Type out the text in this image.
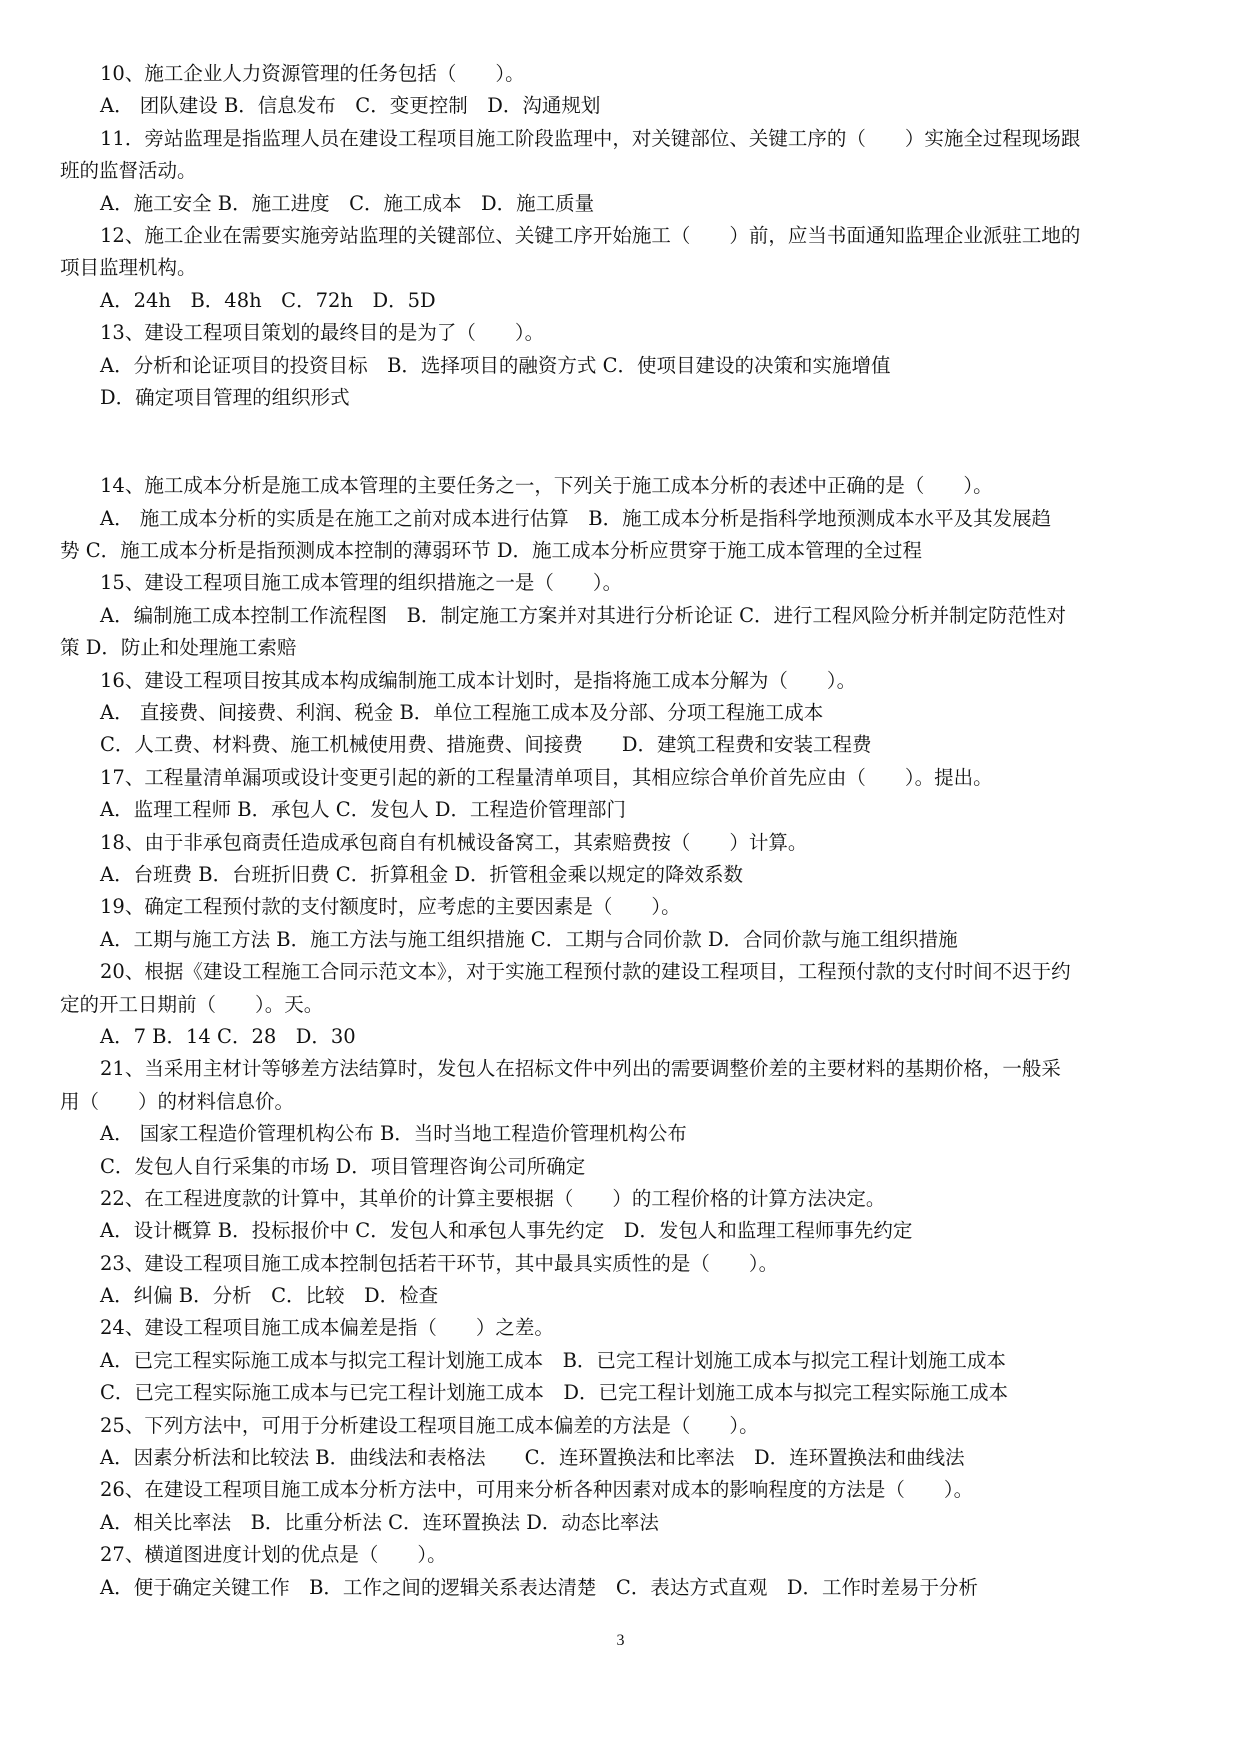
10、施工企业人力资源管理的任务包括（　　）。
A． 团队建设 B．信息发布　C．变更控制　D．沟通规划
11．旁站监理是指监理人员在建设工程项目施工阶段监理中，对关键部位、关键工序的（　　）实施全过程现场跟
班的监督活动。
A．施工安全 B．施工进度　C．施工成本　D．施工质量
12、施工企业在需要实施旁站监理的关键部位、关键工序开始施工（　　）前，应当书面通知监理企业派驻工地的
项目监理机构。
A．24h　B．48h　C．72h　D．5D
13、建设工程项目策划的最终目的是为了（　　）。
A．分析和论证项目的投资目标　B．选择项目的融资方式 C．使项目建设的决策和实施增值
D．确定项目管理的组织形式
14、施工成本分析是施工成本管理的主要任务之一，下列关于施工成本分析的表述中正确的是（　　）。
A． 施工成本分析的实质是在施工之前对成本进行估算　B．施工成本分析是指科学地预测成本水平及其发展趋
势 C．施工成本分析是指预测成本控制的薄弱环节 D．施工成本分析应贯穿于施工成本管理的全过程
15、建设工程项目施工成本管理的组织措施之一是（　　）。
A．编制施工成本控制工作流程图　B．制定施工方案并对其进行分析论证 C．进行工程风险分析并制定防范性对
策 D．防止和处理施工索赔
16、建设工程项目按其成本构成编制施工成本计划时，是指将施工成本分解为（　　）。
A． 直接费、间接费、利润、税金 B．单位工程施工成本及分部、分项工程施工成本
C．人工费、材料费、施工机械使用费、措施费、间接费　　D．建筑工程费和安装工程费
17、工程量清单漏项或设计变更引起的新的工程量清单项目，其相应综合单价首先应由（　　）。提出。
A．监理工程师 B．承包人 C．发包人 D．工程造价管理部门
18、由于非承包商责任造成承包商自有机械设备窝工，其索赔费按（　　）计算。
A．台班费 B．台班折旧费 C．折算租金 D．折管租金乘以规定的降效系数
19、确定工程预付款的支付额度时，应考虑的主要因素是（　　）。
A．工期与施工方法 B．施工方法与施工组织措施 C．工期与合同价款 D．合同价款与施工组织措施
20、根据《建设工程施工合同示范文本》，对于实施工程预付款的建设工程项目，工程预付款的支付时间不迟于约
定的开工日期前（　　）。天。
A．7 B．14 C．28　D．30
21、当采用主材计等够差方法结算时，发包人在招标文件中列出的需要调整价差的主要材料的基期价格，一般采
用（　　）的材料信息价。
A． 国家工程造价管理机构公布 B．当时当地工程造价管理机构公布
C．发包人自行采集的市场 D．项目管理咨询公司所确定
22、在工程进度款的计算中，其单价的计算主要根据（　　）的工程价格的计算方法决定。
A．设计概算 B．投标报价中 C．发包人和承包人事先约定　D．发包人和监理工程师事先约定
23、建设工程项目施工成本控制包括若干环节，其中最具实质性的是（　　）。
A．纠偏 B．分析　C．比较　D．检查
24、建设工程项目施工成本偏差是指（　　）之差。
A．已完工程实际施工成本与拟完工程计划施工成本　B．已完工程计划施工成本与拟完工程计划施工成本
C．已完工程实际施工成本与已完工程计划施工成本　D．已完工程计划施工成本与拟完工程实际施工成本
25、下列方法中，可用于分析建设工程项目施工成本偏差的方法是（　　）。
A．因素分析法和比较法 B．曲线法和表格法　　C．连环置换法和比率法　D．连环置换法和曲线法
26、在建设工程项目施工成本分析方法中，可用来分析各种因素对成本的影响程度的方法是（　　）。
A．相关比率法　B．比重分析法 C．连环置换法 D．动态比率法
27、横道图进度计划的优点是（　　）。
A．便于确定关键工作　B．工作之间的逻辑关系表达清楚　C．表达方式直观　D．工作时差易于分析
3
